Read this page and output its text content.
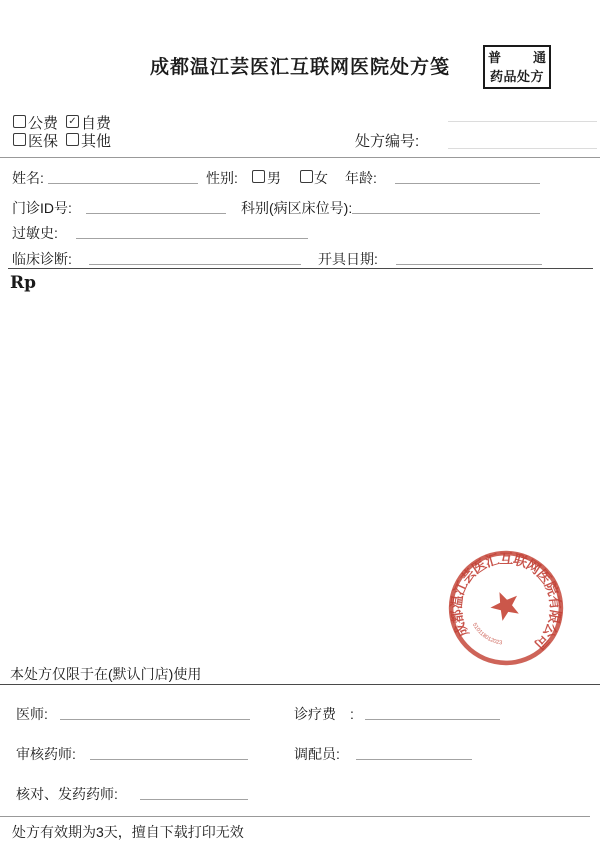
成都温江芸医汇互联网医院处方笺	普 通
药品处方
公费 ✓ 自费
医保 其他	处方编号:
姓名:	性别: 男 女 年龄:
门诊ID号:	科别(病区床位号):
过敏史:
临床诊断:	开具日期:
Rp
成都温江芸医汇互联网医院有限公司
510118012023
本处方仅限于在(默认门店)使用
医师:	诊疗费　:
审核药师:	调配员:
核对、发药药师:
处方有效期为3天，擅自下载打印无效
